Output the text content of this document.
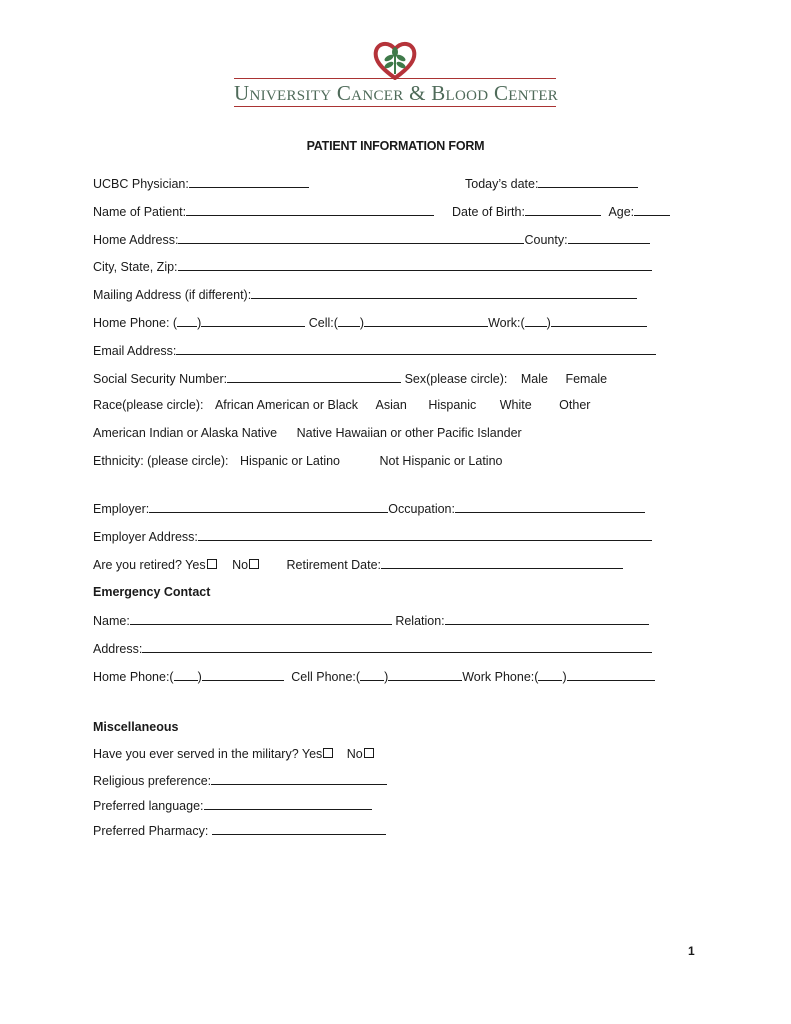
University Cancer & Blood Center
PATIENT INFORMATION FORM
UCBC Physician:	Today’s date:
Name of Patient:	Date of Birth:	Age:
Home Address:	County:
City, State, Zip:
Mailing Address (if different):
Home Phone: ( )	Cell:( )	Work:( )
Email Address:
Social Security Number:	Sex(please circle): Male Female
Race(please circle): African American or Black Asian Hispanic White Other
American Indian or Alaska Native Native Hawaiian or other Pacific Islander
Ethnicity: (please circle): Hispanic or Latino	Not Hispanic or Latino
Employer:	Occupation:
Employer Address:
Are you retired? Yes No	Retirement Date:
Emergency Contact
Name:	Relation:
Address:
Home Phone:( )	Cell Phone:( )	Work Phone:( )
Miscellaneous
Have you ever served in the military? Yes No
Religious preference:
Preferred language:
Preferred Pharmacy:
1
